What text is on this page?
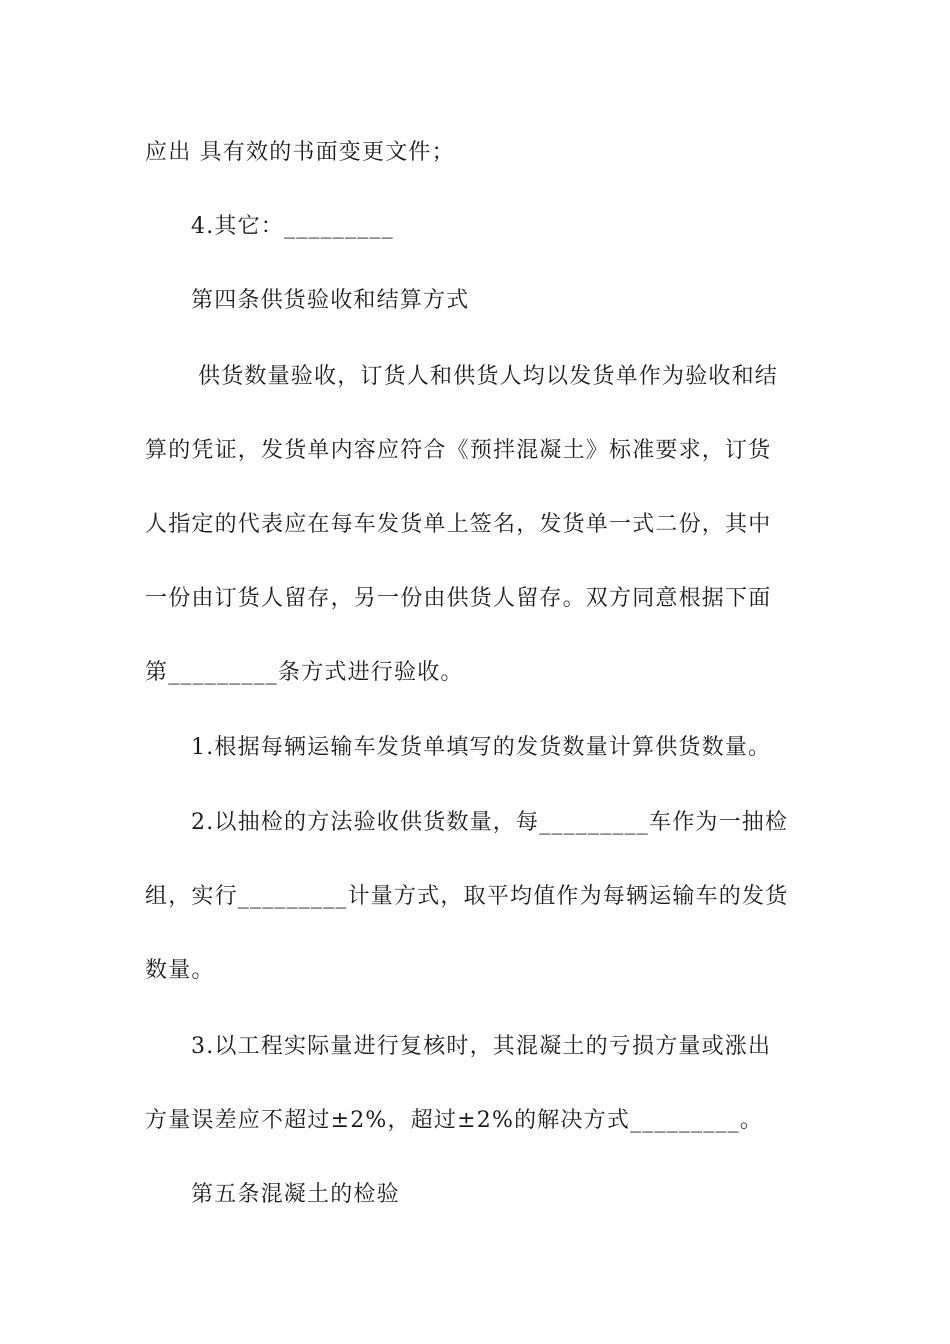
应出 具有效的书面变更文件；
4.其它：_________
第四条供货验收和结算方式
供货数量验收，订货人和供货人均以发货单作为验收和结
算的凭证，发货单内容应符合《预拌混凝土》标准要求，订货
人指定的代表应在每车发货单上签名，发货单一式二份，其中
一份由订货人留存，另一份由供货人留存。双方同意根据下面
第_________条方式进行验收。
1.根据每辆运输车发货单填写的发货数量计算供货数量。
2.以抽检的方法验收供货数量，每_________车作为一抽检
组，实行_________计量方式，取平均值作为每辆运输车的发货
数量。
3.以工程实际量进行复核时，其混凝土的亏损方量或涨出
方量误差应不超过±2%，超过±2%的解决方式_________。
第五条混凝土的检验
